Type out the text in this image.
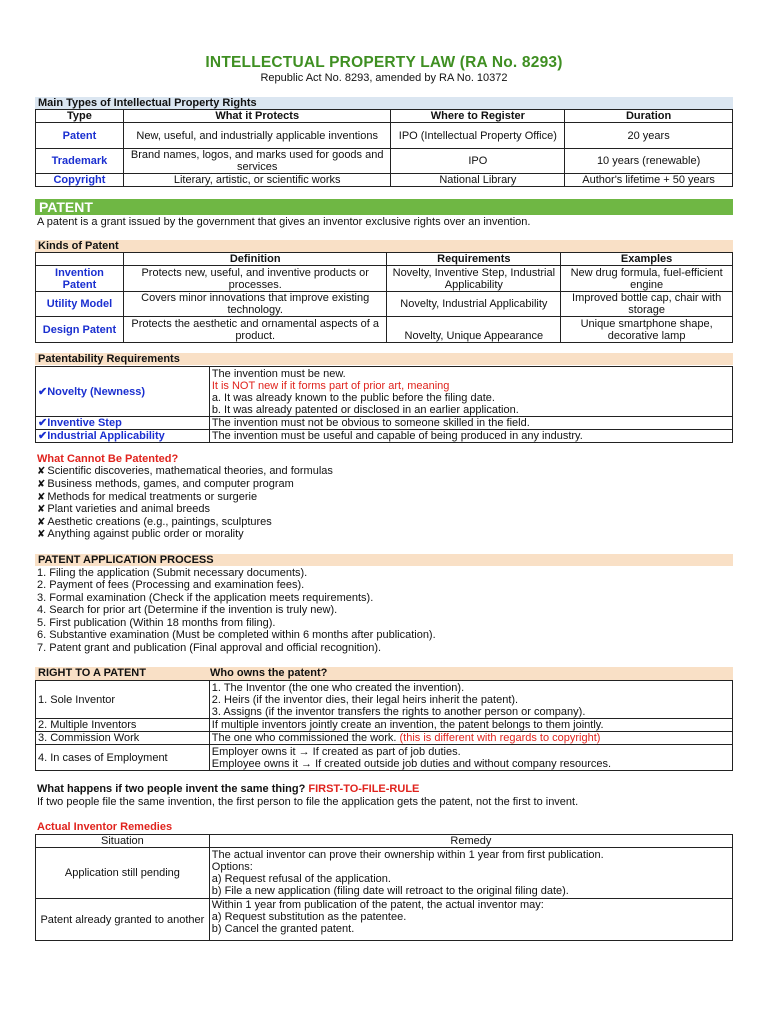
INTELLECTUAL PROPERTY LAW (RA No. 8293)
Republic Act No. 8293, amended by RA No. 10372
Main Types of Intellectual Property Rights
Type	What it Protects	Where to Register	Duration
Patent	New, useful, and industrially applicable inventions	IPO (Intellectual Property Office)	20 years
Trademark	Brand names, logos, and marks used for goods and services	IPO	10 years (renewable)
Copyright	Literary, artistic, or scientific works	National Library	Author's lifetime + 50 years
PATENT
A patent is a grant issued by the government that gives an inventor exclusive rights over an invention.
Kinds of Patent
	Definition	Requirements	Examples
Invention Patent	Protects new, useful, and inventive products or processes.	Novelty, Inventive Step, Industrial Applicability	New drug formula, fuel-efficient engine
Utility Model	Covers minor innovations that improve existing technology.	Novelty, Industrial Applicability	Improved bottle cap, chair with storage
Design Patent	Protects the aesthetic and ornamental aspects of a product.	Novelty, Unique Appearance	Unique smartphone shape, decorative lamp
Patentability Requirements
✔Novelty (Newness)	The invention must be new.
It is NOT new if it forms part of prior art, meaning
a. It was already known to the public before the filing date.
b. It was already patented or disclosed in an earlier application.

✔Inventive Step	The invention must not be obvious to someone skilled in the field.
✔Industrial Applicability	The invention must be useful and capable of being produced in any industry.
What Cannot Be Patented?
✘ Scientific discoveries, mathematical theories, and formulas
✘ Business methods, games, and computer program
✘ Methods for medical treatments or surgerie
✘ Plant varieties and animal breeds
✘ Aesthetic creations (e.g., paintings, sculptures
✘ Anything against public order or morality
PATENT APPLICATION PROCESS
1. Filing the application (Submit necessary documents).
2. Payment of fees (Processing and examination fees).
3. Formal examination (Check if the application meets requirements).
4. Search for prior art (Determine if the invention is truly new).
5. First publication (Within 18 months from filing).
6. Substantive examination (Must be completed within 6 months after publication).
7. Patent grant and publication (Final approval and official recognition).
RIGHT TO A PATENT	Who owns the patent?
1. Sole Inventor	1. The Inventor (the one who created the invention).
2. Heirs (if the inventor dies, their legal heirs inherit the patent).
3. Assigns (if the inventor transfers the rights to another person or company).

2. Multiple Inventors	If multiple inventors jointly create an invention, the patent belongs to them jointly.
3. Commission Work	The one who commissioned the work. (this is different with regards to copyright)
4. In cases of Employment	Employer owns it → If created as part of job duties.
Employee owns it → If created outside job duties and without company resources.
What happens if two people invent the same thing? FIRST-TO-FILE-RULE
If two people file the same invention, the first person to file the application gets the patent, not the first to invent.
Actual Inventor Remedies
Situation	Remedy
Application still pending	The actual inventor can prove their ownership within 1 year from first publication.
Options:
a) Request refusal of the application.
b) File a new application (filing date will retroact to the original filing date).

Patent already granted to another	Within 1 year from publication of the patent, the actual inventor may:
a) Request substitution as the patentee.
b) Cancel the granted patent.
